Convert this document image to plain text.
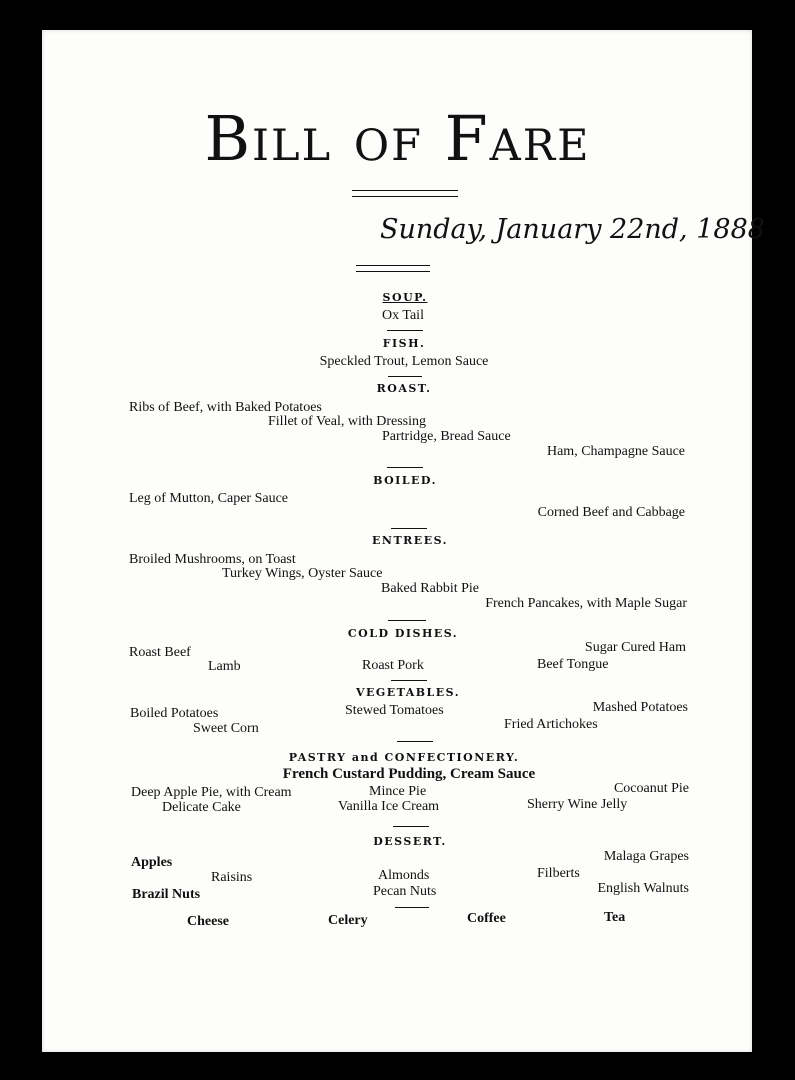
Bill of Fare
Sunday, January 22nd, 1888
SOUP.
Ox Tail
FISH.
Speckled Trout, Lemon Sauce
ROAST.
Ribs of Beef, with Baked Potatoes
Fillet of Veal, with Dressing
Partridge, Bread Sauce
Ham, Champagne Sauce
BOILED.
Leg of Mutton, Caper Sauce
Corned Beef and Cabbage
ENTREES.
Broiled Mushrooms, on Toast
Turkey Wings, Oyster Sauce
Baked Rabbit Pie
French Pancakes, with Maple Sugar
COLD DISHES.
Roast Beef	Sugar Cured Ham
Lamb	Roast Pork	Beef Tongue
VEGETABLES.
Boiled Potatoes	Stewed Tomatoes	Mashed Potatoes
Sweet Corn	Fried Artichokes
PASTRY and CONFECTIONERY.
French Custard Pudding, Cream Sauce
Deep Apple Pie, with Cream	Mince Pie	Cocoanut Pie
Delicate Cake	Vanilla Ice Cream	Sherry Wine Jelly
DESSERT.
Apples	Malaga Grapes
Raisins	Almonds	Filberts
Brazil Nuts	Pecan Nuts	English Walnuts
Cheese	Celery	Coffee	Tea
